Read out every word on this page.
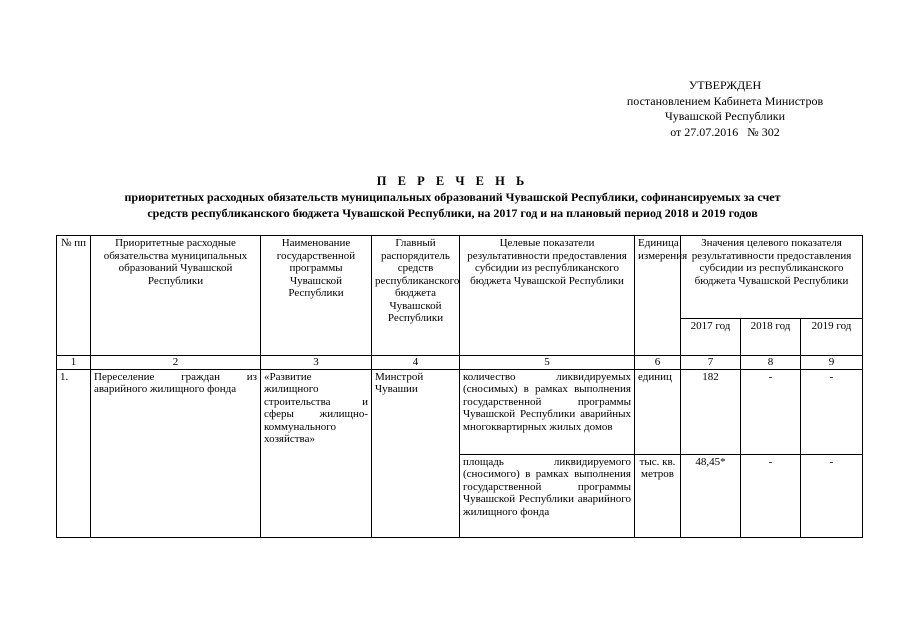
УТВЕРЖДЕН
постановлением Кабинета Министров
Чувашской Республики
от 27.07.2016   № 302
П Е Р Е Ч Е Н Ь
приоритетных расходных обязательств муниципальных образований Чувашской Республики, софинансируемых за счет
средств республиканского бюджета Чувашской Республики, на 2017 год и на плановый период 2018 и 2019 годов
№ пп	Приоритетные расходные обязательства муниципальных образований Чувашской Республики	Наименование государственной программы Чувашской Республики	Главный распорядитель средств республиканского бюджета Чувашской Республики	Целевые показатели результативности предоставления субсидии из республиканского бюджета Чувашской Республики	Единица измерения	Значения целевого показателя результативности предоставления субсидии из республиканского бюджета Чувашской Республики		
						2017 год	2018 год	2019 год
1	2	3	4	5	6	7	8	9
1.	Переселение граждан из аварийного жилищного фонда	«Развитие жилищного строительства и сферы жилищно-коммунального хозяйства»	Минстрой Чувашии	количество ликвидируемых (сносимых) в рамках выполнения государственной программы Чувашской Республики аварийных многоквартирных жилых домов	единиц	182	-	-
				площадь ликвидируемого (сносимого) в рамках выполнения государственной программы Чувашской Республики аварийного жилищного фонда	тыс. кв. метров	48,45*	-	-
